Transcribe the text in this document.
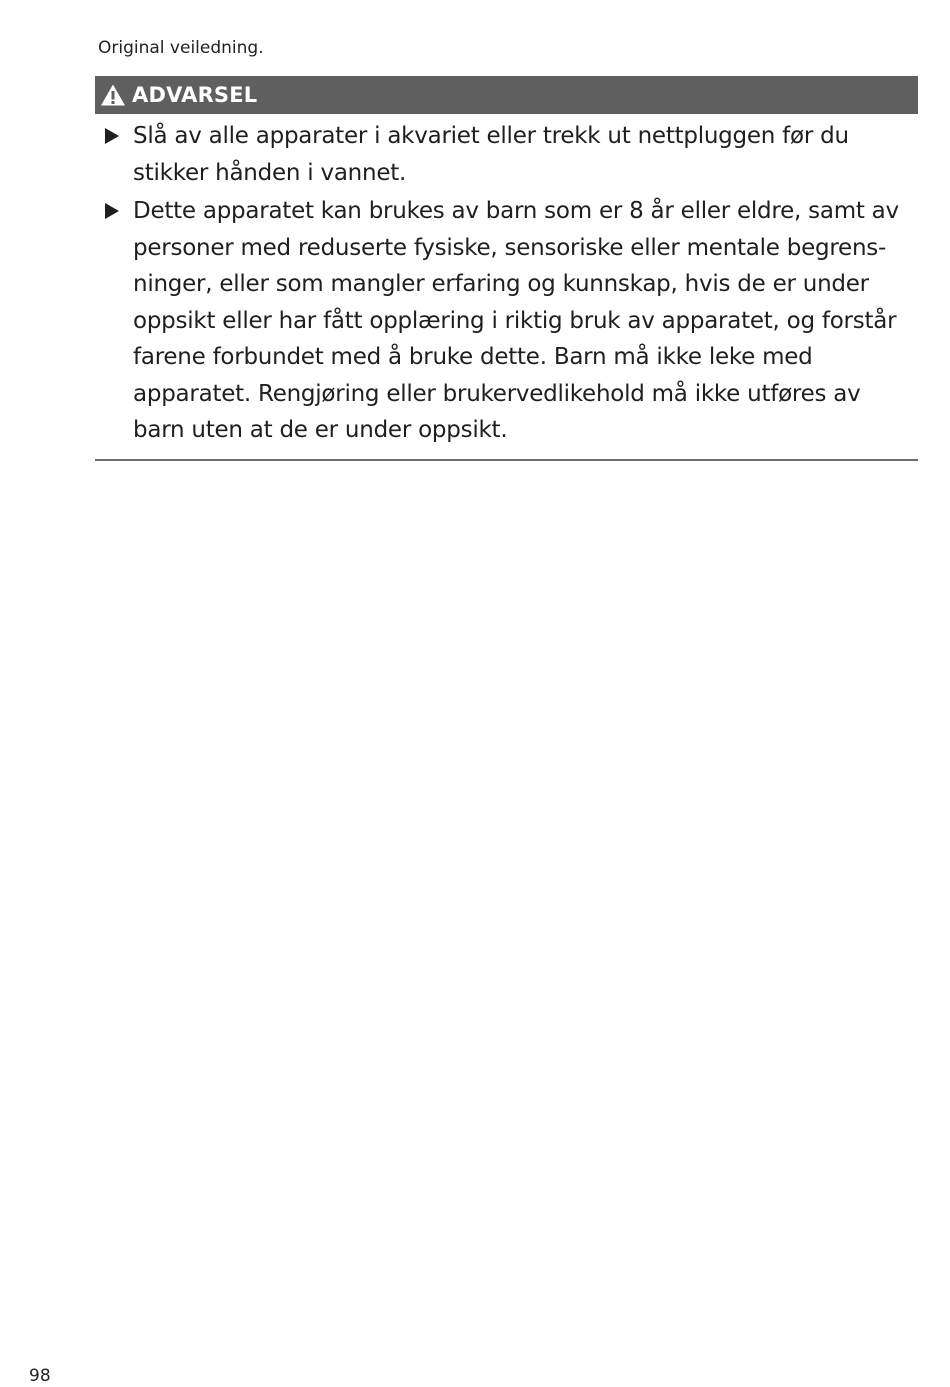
Original veiledning.
ADVARSEL
Slå av alle apparater i akvariet eller trekk ut nettpluggen før du stikker hånden i vannet.
Dette apparatet kan brukes av barn som er 8 år eller eldre, samt av personer med reduserte fysiske, sensoriske eller mentale begrensninger, eller som mangler erfaring og kunnskap, hvis de er under oppsikt eller har fått opplæring i riktig bruk av apparatet, og forstår farene forbundet med å bruke dette. Barn må ikke leke med apparatet. Rengjøring eller brukervedlikehold må ikke utføres av barn uten at de er under oppsikt.
98
